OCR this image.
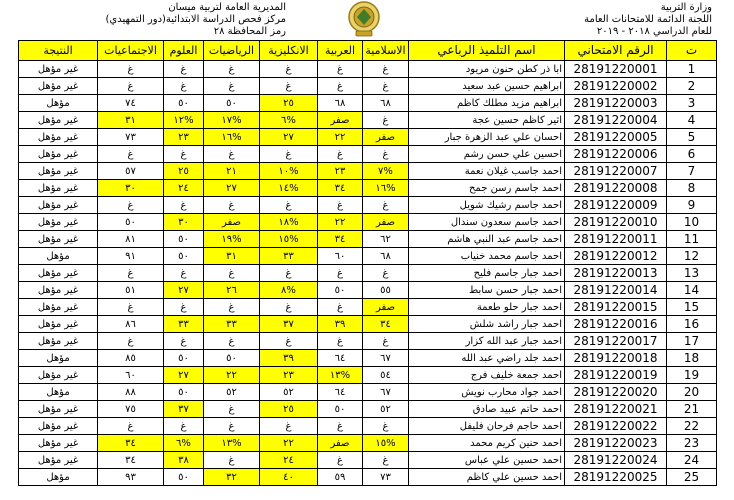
وزارة التربية
اللجنة الدائمة للامتحانات العامة
للعام الدراسي ٢٠١٨ - ٢٠١٩
المديرية العامة لتربية ميسان
مركز فحص الدراسة الابتدائية(دور التمهيدي)
رمز المحافظة ٢٨
ت	الرقم الامتحاني	اسم التلميذ الرباعي	الاسلامية	العربية	الانكليزية	الرياضيات	العلوم	الاجتماعيات	النتيجة
1	28191220001	ابا ذر كطن حنون مريود	غ	غ	غ	غ	غ	غ	غير مؤهل
2	28191220002	ابراهيم حسين عبد سعيد	غ	غ	غ	غ	غ	غ	غير مؤهل
3	28191220003	ابراهيم مزيد مطلك كاظم	٦٨	٦٨	٢٥	٥٠	٥٠	٧٤	مؤهل
4	28191220004	اثير كاظم حسين عجة	غ	صفر	%٦	%١٧	%١٢	٣١	غير مؤهل
5	28191220005	احسان علي عبد الزهرة جبار	صفر	٢٢	٢٧	%١٦	٢٣	٧٣	غير مؤهل
6	28191220006	احسين علي حسن رشم	غ	غ	غ	غ	غ	غ	غير مؤهل
7	28191220007	احمد جاسب غيلان نعمة	%٧	٢٣	%١٠	٢١	٢٥	٥٧	غير مؤهل
8	28191220008	احمد جاسم رسن جمح	%١٦	٣٤	%١٤	٢٧	٢٤	٣٠	غير مؤهل
9	28191220009	احمد جاسم رشيك شويل	غ	غ	غ	غ	غ	غ	غير مؤهل
10	28191220010	احمد جاسم سعدون سندال	صفر	٢٢	%١٨	صفر	٣٠	٥٠	غير مؤهل
11	28191220011	احمد جاسم عبد النبي هاشم	٦٢	٣٤	%١٥	%١٩	٥٠	٨١	غير مؤهل
12	28191220012	احمد جاسم محمد خنياب	٦٨	٦٠	٣٣	٣١	٥٠	٩١	مؤهل
13	28191220013	احمد جبار جاسم فليح	غ	غ	غ	غ	غ	غ	غير مؤهل
14	28191220014	احمد جبار حسن سابط	٥٥	٥٠	%٨	٢٦	٢٧	٥١	غير مؤهل
15	28191220015	احمد جبار حلو طعمة	صفر	غ	غ	غ	غ	غ	غير مؤهل
16	28191220016	احمد جبار راشد شلش	٣٤	٣٩	٣٧	٣٣	٣٣	٨٦	غير مؤهل
17	28191220017	احمد جبار عبد الله كزار	غ	غ	غ	غ	غ	غ	غير مؤهل
18	28191220018	احمد جلد راضي عبد الله	٦٧	٦٤	٣٩	٥٠	٥٠	٨٥	مؤهل
19	28191220019	احمد جمعة خليف فرج	٥٤	%١٣	٢٣	٢٢	٢٧	٦٠	غير مؤهل
20	28191220020	احمد جواد محارب نويش	٦٧	٦٤	٥٢	٥٢	٥٠	٨٨	مؤهل
21	28191220021	احمد حاتم عبيد صادق	٥٢	٥٠	٢٥	غ	٣٧	٧٥	غير مؤهل
22	28191220022	احمد حاجم فرحان فليفل	غ	غ	غ	غ	غ	غ	غير مؤهل
23	28191220023	احمد حنين كريم محمد	%١٥	صفر	٢٢	%١٣	%٦	٣٤	غير مؤهل
24	28191220024	احمد حسين علي عباس	غ	غ	٢٤	غ	٣٨	٣٤	غير مؤهل
25	28191220025	احمد حسين علي كاظم	٧٣	٥٩	٤٠	٣٢	٥٠	٩٣	مؤهل
